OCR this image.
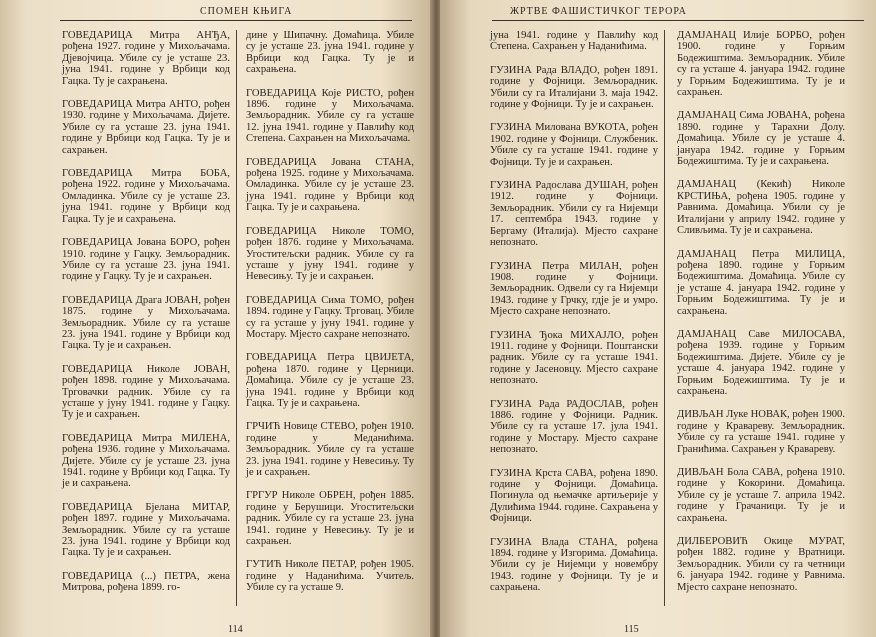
СПОМЕН КЊИГА

ГОВЕДАРИЦА Митра АНЂА, рођена 1927. године у Михољачама. Дјевојчица. Убиле су је усташе 23. јуна 1941. године у Врбици код Гацка. Ту је сахрањена.

ГОВЕДАРИЦА Митра АНТО, рођен 1930. године у Михољачама. Дијете. Убиле су га усташе 23. јуна 1941. године у Врбици код Гацка. Ту је и сахрањен.

ГОВЕДАРИЦА Митра БОБА, рођена 1922. године у Михољачама. Омладинка. Убиле су је усташе 23. јуна 1941. године у Врбици код Гацка. Ту је и сахрањена.

ГОВЕДАРИЦА Јована БОРО, рођен 1910. године у Гацку. Земљорадник. Убиле су га усташе 23. јуна 1941. године у Гацку. Ту је и сахрањен.

ГОВЕДАРИЦА Драга ЈОВАН, рођен 1875. године у Михољачама. Земљорадник. Убиле су га усташе 23. јуна 1941. године у Врбици код Гацка. Ту је и сахрањен.

ГОВЕДАРИЦА Николе ЈОВАН, рођен 1898. године у Михољачама. Трговачки радник. Убиле су га усташе у јуну 1941. године у Гацку. Ту је и сахрањен.

ГОВЕДАРИЦА Митра МИЛЕНА, рођена 1936. године у Михољачама. Дијете. Убиле су је усташе 23. јуна 1941. године у Врбици код Гацка. Ту је и сахрањена.

ГОВЕДАРИЦА Бјелана МИТАР, рођен 1897. године у Михољачама. Земљорадник. Убиле су га усташе 23. јуна 1941. године у Врбици код Гацка. Ту је и сахрањен.

ГОВЕДАРИЦА (...) ПЕТРА, жена Митрова, рођена 1899. го-

дине у Шипачну. Домаћица. Убиле су је усташе 23. јуна 1941. године у Врбици код Гацка. Ту је и сахрањена.

ГОВЕДАРИЦА Које РИСТО, рођен 1896. године у Михољачама. Земљорадник. Убиле су га усташе 12. јуна 1941. године у Павлићу код Степена. Сахрањен на Михољачама.

ГОВЕДАРИЦА Јована СТАНА, рођена 1925. године у Михољачама. Омладинка. Убиле су је усташе 23. јуна 1941. године у Врбици код Гацка. Ту је и сахрањена.

ГОВЕДАРИЦА Николе ТОМО, рођен 1876. године у Михољачама. Угоститељски радник. Убиле су га усташе у јуну 1941. године у Невесињу. Ту је и сахрањен.

ГОВЕДАРИЦА Сима ТОМО, рођен 1894. године у Гацку. Трговац. Убиле су га усташе у јуну 1941. године у Мостару. Мјесто сахране непознато.

ГОВЕДАРИЦА Петра ЦВИЈЕТА, рођена 1870. године у Церници. Домаћица. Убиле су је усташе 23. јуна 1941. године у Врбици код Гацка. Ту је и сахрањена.

ГРЧИЋ Новице СТЕВО, рођен 1910. године у Меданићима. Земљорадник. Убиле су га усташе 23. јуна 1941. године у Невесињу. Ту је и сахрањен.

ГРГУР Николе ОБРЕН, рођен 1885. године у Берушици. Угоститељски радник. Убиле су га усташе 23. јуна 1941. године у Невесињу. Ту је и сахрањен.

ГУТИЋ Николе ПЕТАР, рођен 1905. године у Наданићима. Учитељ. Убиле су га усташе 9.

114
ЖРТВЕ ФАШИСТИЧКОГ ТЕРОРА

јуна 1941. године у Павлићу код Степена. Сахрањен у Наданићима.

ГУЗИНА Рада ВЛАДО, рођен 1891. године у Фојници. Земљорадник. Убили су га Италијани 3. маја 1942. године у Фојници. Ту је и сахрањен.

ГУЗИНА Милована ВУКОТА, рођен 1902. године у Фојници. Службеник. Убиле су га усташе 1941. године у Фојници. Ту је и сахрањен.

ГУЗИНА Радослава ДУШАН, рођен 1912. године у Фојници. Земљорадник. Убили су га Нијемци 17. септембра 1943. године у Бергаму (Италија). Мјесто сахране непознато.

ГУЗИНА Петра МИЛАН, рођен 1908. године у Фојници. Земљорадник. Одвели су га Нијемци 1943. године у Грчку, гдје је и умро. Мјесто сахране непознато.

ГУЗИНА Ђока МИХАЈЛО, рођен 1911. године у Фојници. Поштански радник. Убиле су га усташе 1941. године у Јасеновцу. Мјесто сахране непознато.

ГУЗИНА Рада РАДОСЛАВ, рођен 1886. године у Фојници. Радник. Убиле су га усташе 17. јула 1941. године у Мостару. Мјесто сахране непознато.

ГУЗИНА Крста САВА, рођена 1890. године у Фојници. Домаћица. Погинула од њемачке артиљерије у Дулићима 1944. године. Сахрањена у Фојници.

ГУЗИНА Влада СТАНА, рођена 1894. године у Изгорима. Домаћица. Убили су је Нијемци у новембру 1943. године у Фојници. Ту је и сахрањена.

ДАМЈАНАЦ Илије БОРБО, рођен 1900. године у Горњим Бодежиштима. Земљорадник. Убиле су га усташе 4. јануара 1942. године у Горњим Бодежиштима. Ту је и сахрањен.

ДАМЈАНАЦ Сима ЈОВАНА, рођена 1890. године у Тарахни Долу. Домаћица. Убиле су је усташе 4. јануара 1942. године у Горњим Бодежиштима. Ту је и сахрањена.

ДАМЈАНАЦ (Кекић) Николе КРСТИЊА, рођена 1905. године у Равнима. Домаћица. Убили су је Италијани у априлу 1942. године у Сливљима. Ту је и сахрањена.

ДАМЈАНАЦ Петра МИЛИЦА, рођена 1890. године у Горњим Бодежиштима. Домаћица. Убиле су је усташе 4. јануара 1942. године у Горњим Бодежиштима. Ту је и сахрањена.

ДАМЈАНАЦ Саве МИЛОСАВА, рођена 1939. године у Горњим Бодежиштима. Дијете. Убиле су је усташе 4. јануара 1942. године у Горњим Бодежиштима. Ту је и сахрањена.

ДИВЉАН Луке НОВАК, рођен 1900. године у Кравареву. Земљорадник. Убиле су га усташе 1941. године у Гранићима. Сахрањен у Кравареву.

ДИВЉАН Бола САВА, рођена 1910. године у Кокорини. Домаћица. Убиле су је усташе 7. априла 1942. године у Грачаници. Ту је и сахрањена.

ДИЛБЕРОВИЋ Окице МУРАТ, рођен 1882. године у Вратници. Земљорадник. Убили су га четници 6. јануара 1942. године у Равнима. Мјесто сахране непознато.

115
